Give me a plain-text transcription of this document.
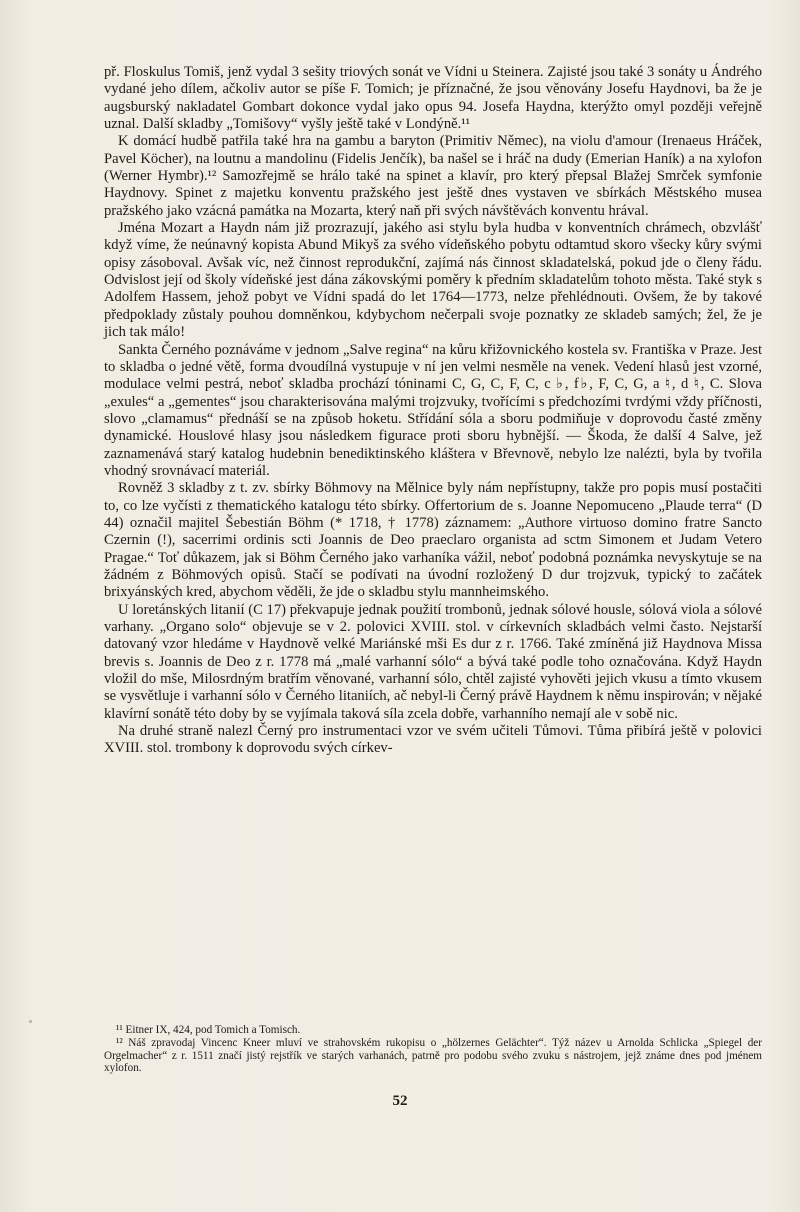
př. Floskulus Tomiš, jenž vydal 3 sešity triových sonát ve Vídni u Steinera. Zajisté jsou také 3 sonáty u Ándrého vydané jeho dílem, ačkoliv autor se píše F. Tomich; je příznačné, že jsou věnovány Josefu Haydnovi, ba že je augsburský nakladatel Gombart dokonce vydal jako opus 94. Josefa Haydna, kterýžto omyl později veřejně uznal. Další skladby „Tomišovy“ vyšly ještě také v Londýně.¹¹

K domácí hudbě patřila také hra na gambu a baryton (Primitiv Němec), na violu d'amour (Irenaeus Hráček, Pavel Köcher), na loutnu a mandolinu (Fidelis Jenčík), ba našel se i hráč na dudy (Emerian Haník) a na xylofon (Werner Hymbr).¹² Samozřejmě se hrálo také na spinet a klavír, pro který přepsal Blažej Smrček symfonie Haydnovy. Spinet z majetku konventu pražského jest ještě dnes vystaven ve sbírkách Městského musea pražského jako vzácná památka na Mozarta, který naň při svých návštěvách konventu hrával.

Jména Mozart a Haydn nám již prozrazují, jakého asi stylu byla hudba v konventních chrámech, obzvlášť když víme, že neúnavný kopista Abund Mikyš za svého vídeňského pobytu odtamtud skoro všecky kůry svými opisy zásoboval. Avšak víc, než činnost reprodukční, zajímá nás činnost skladatelská, pokud jde o členy řádu. Odvislost její od školy vídeňské jest dána zákovskými poměry k předním skladatelům tohoto města. Také styk s Adolfem Hassem, jehož pobyt ve Vídni spadá do let 1764—1773, nelze přehlédnouti. Ovšem, že by takové předpoklady zůstaly pouhou domněnkou, kdybychom nečerpali svoje poznatky ze skladeb samých; žel, že je jich tak málo!

Sankta Černého poznáváme v jednom „Salve regina“ na kůru křižovnického kostela sv. Františka v Praze. Jest to skladba o jedné větě, forma dvoudílná vystupuje v ní jen velmi nesměle na venek. Vedení hlasů jest vzorné, modulace velmi pestrá, neboť skladba prochází tóninami C, G, C, F, C, c ♭, f♭, F, C, G, a ♮, d ♮, C. Slova „exules“ a „gementes“ jsou charakterisována malými trojzvuky, tvořícími s předchozími tvrdými vždy příčnosti, slovo „clamamus“ přednáší se na způsob hoketu. Střídání sóla a sboru podmiňuje v doprovodu časté změny dynamické. Houslové hlasy jsou následkem figurace proti sboru hybnější. — Škoda, že další 4 Salve, jež zaznamenává starý katalog hudebnin benediktinského kláštera v Břevnově, nebylo lze nalézti, byla by tvořila vhodný srovnávací materiál.

Rovněž 3 skladby z t. zv. sbírky Böhmovy na Mělnice byly nám nepřístupny, takže pro popis musí postačiti to, co lze vyčísti z thematického katalogu této sbírky. Offertorium de s. Joanne Nepomuceno „Plaude terra“ (D 44) označil majitel Šebestián Böhm (* 1718, † 1778) záznamem: „Authore virtuoso domino fratre Sancto Czernin (!), sacerrimi ordinis scti Joannis de Deo praeclaro organista ad sctm Simonem et Judam Vetero Pragae.“ Toť důkazem, jak si Böhm Černého jako varhaníka vážil, neboť podobná poznámka nevyskytuje se na žádném z Böhmových opisů. Stačí se podívati na úvodní rozložený D dur trojzvuk, typický to začátek brixyánských kred, abychom věděli, že jde o skladbu stylu mannheimského.

U loretánských litanií (C 17) překvapuje jednak použití trombonů, jednak sólové housle, sólová viola a sólové varhany. „Organo solo“ objevuje se v 2. polovici XVIII. stol. v církevních skladbách velmi často. Nejstarší datovaný vzor hledáme v Haydnově velké Mariánské mši Es dur z r. 1766. Také zmíněná již Haydnova Missa brevis s. Joannis de Deo z r. 1778 má „malé varhanní sólo“ a bývá také podle toho označována. Když Haydn vložil do mše, Milosrdným bratřím věnované, varhanní sólo, chtěl zajisté vyhověti jejich vkusu a tímto vkusem se vysvětluje i varhanní sólo v Černého litaniích, ač nebyl-li Černý právě Haydnem k němu inspirován; v nějaké klavírní sonátě této doby by se vyjímala taková síla zcela dobře, varhanního nemají ale v sobě nic.

Na druhé straně nalezl Černý pro instrumentaci vzor ve svém učiteli Tůmovi. Tůma přibírá ještě v polovici XVIII. stol. trombony k doprovodu svých církev-

¹¹ Eitner IX, 424, pod Tomich a Tomisch.

¹² Náš zpravodaj Vincenc Kneer mluví ve strahovském rukopisu o „hölzernes Gelächter“. Týž název u Arnolda Schlicka „Spiegel der Orgelmacher“ z r. 1511 značí jistý rejstřík ve starých varhanách, patrně pro podobu svého zvuku s nástrojem, jejž známe dnes pod jménem xylofon.

52
